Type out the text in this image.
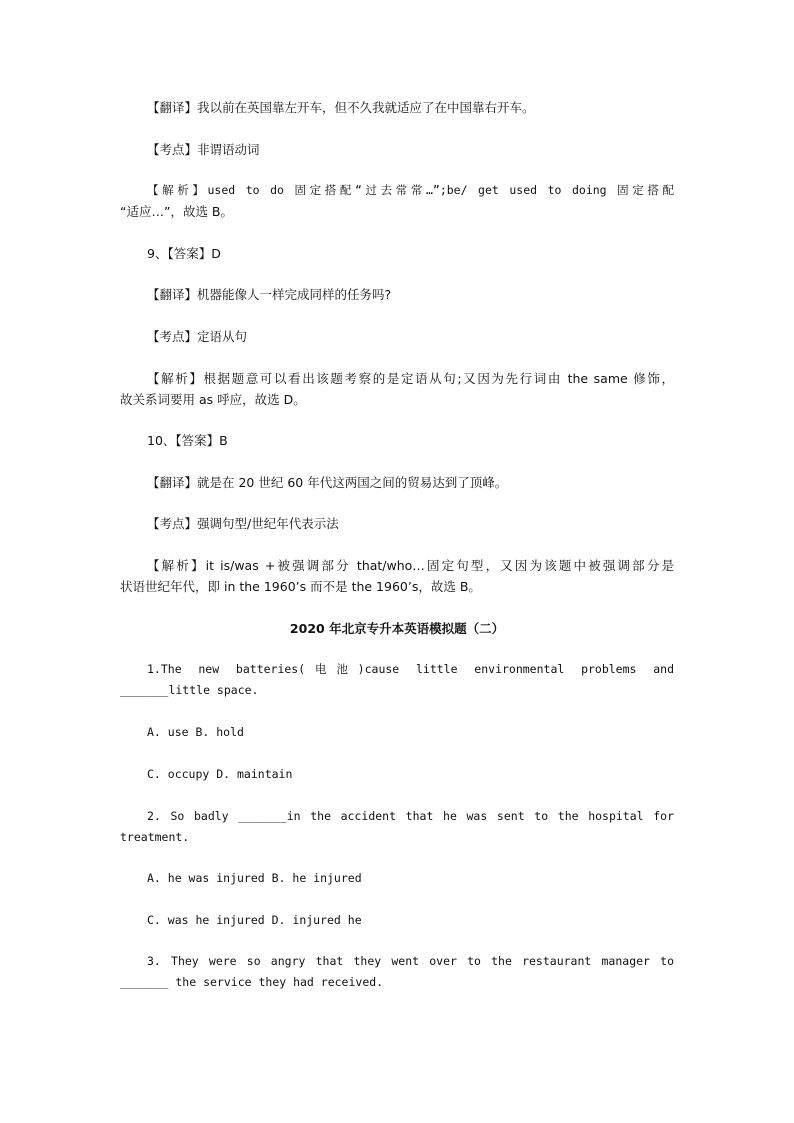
【翻译】我以前在英国靠左开车，但不久我就适应了在中国靠右开车。
【考点】非谓语动词
【解析】used to do 固定搭配“过去常常…”;be/ get used to doing 固定搭配
“适应…”，故选 B。
9、【答案】D
【翻译】机器能像人一样完成同样的任务吗?
【考点】定语从句
【解析】根据题意可以看出该题考察的是定语从句;又因为先行词由 the same 修饰，
故关系词要用 as 呼应，故选 D。
10、【答案】B
【翻译】就是在 20 世纪 60 年代这两国之间的贸易达到了顶峰。
【考点】强调句型/世纪年代表示法
【解析】it is/was +被强调部分 that/who…固定句型，又因为该题中被强调部分是
状语世纪年代，即 in the 1960’s 而不是 the 1960’s，故选 B。
2020 年北京专升本英语模拟题（二）
1.The new batteries(电池)cause little environmental problems and
_______little space.
A. use B. hold
C. occupy D. maintain
2. So badly _______in the accident that he was sent to the hospital for
treatment.
A. he was injured B. he injured
C. was he injured D. injured he
3. They were so angry that they went over to the restaurant manager to
_______ the service they had received.
